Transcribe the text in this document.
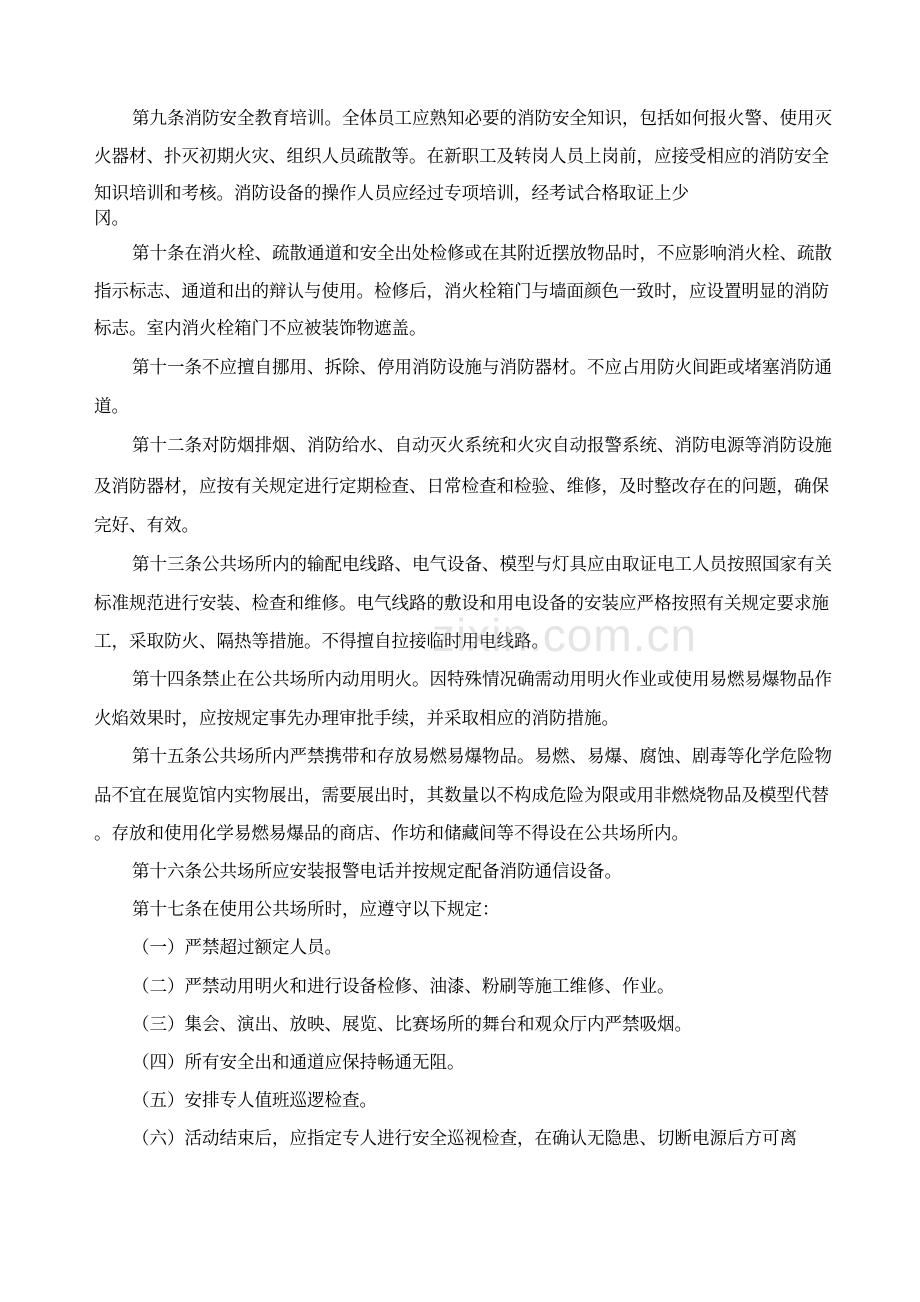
第九条消防安全教育培训。全体员工应熟知必要的消防安全知识，包括如何报火警、使用灭
火器材、扑灭初期火灾、组织人员疏散等。在新职工及转岗人员上岗前，应接受相应的消防安全
知识培训和考核。消防设备的操作人员应经过专项培训，经考试合格取证上少
冈。
第十条在消火栓、疏散通道和安全出处检修或在其附近摆放物品时，不应影响消火栓、疏散
指示标志、通道和出的辩认与使用。检修后，消火栓箱门与墙面颜色一致时，应设置明显的消防
标志。室内消火栓箱门不应被装饰物遮盖。
第十一条不应擅自挪用、拆除、停用消防设施与消防器材。不应占用防火间距或堵塞消防通
道。
第十二条对防烟排烟、消防给水、自动灭火系统和火灾自动报警系统、消防电源等消防设施
及消防器材，应按有关规定进行定期检查、日常检查和检验、维修，及时整改存在的问题，确保
完好、有效。
第十三条公共场所内的输配电线路、电气设备、模型与灯具应由取证电工人员按照国家有关
标准规范进行安装、检查和维修。电气线路的敷设和用电设备的安装应严格按照有关规定要求施
工，采取防火、隔热等措施。不得擅自拉接临时用电线路。
zixin.com.cn
第十四条禁止在公共场所内动用明火。因特殊情况确需动用明火作业或使用易燃易爆物品作
火焰效果时，应按规定事先办理审批手续，并采取相应的消防措施。
第十五条公共场所内严禁携带和存放易燃易爆物品。易燃、易爆、腐蚀、剧毒等化学危险物
品不宜在展览馆内实物展出，需要展出时，其数量以不构成危险为限或用非燃烧物品及模型代替
。存放和使用化学易燃易爆品的商店、作坊和储藏间等不得设在公共场所内。
第十六条公共场所应安装报警电话并按规定配备消防通信设备。
第十七条在使用公共场所时，应遵守以下规定：
（一）严禁超过额定人员。
（二）严禁动用明火和进行设备检修、油漆、粉刷等施工维修、作业。
（三）集会、演出、放映、展览、比赛场所的舞台和观众厅内严禁吸烟。
（四）所有安全出和通道应保持畅通无阻。
（五）安排专人值班巡逻检查。
（六）活动结束后，应指定专人进行安全巡视检查，在确认无隐患、切断电源后方可离
